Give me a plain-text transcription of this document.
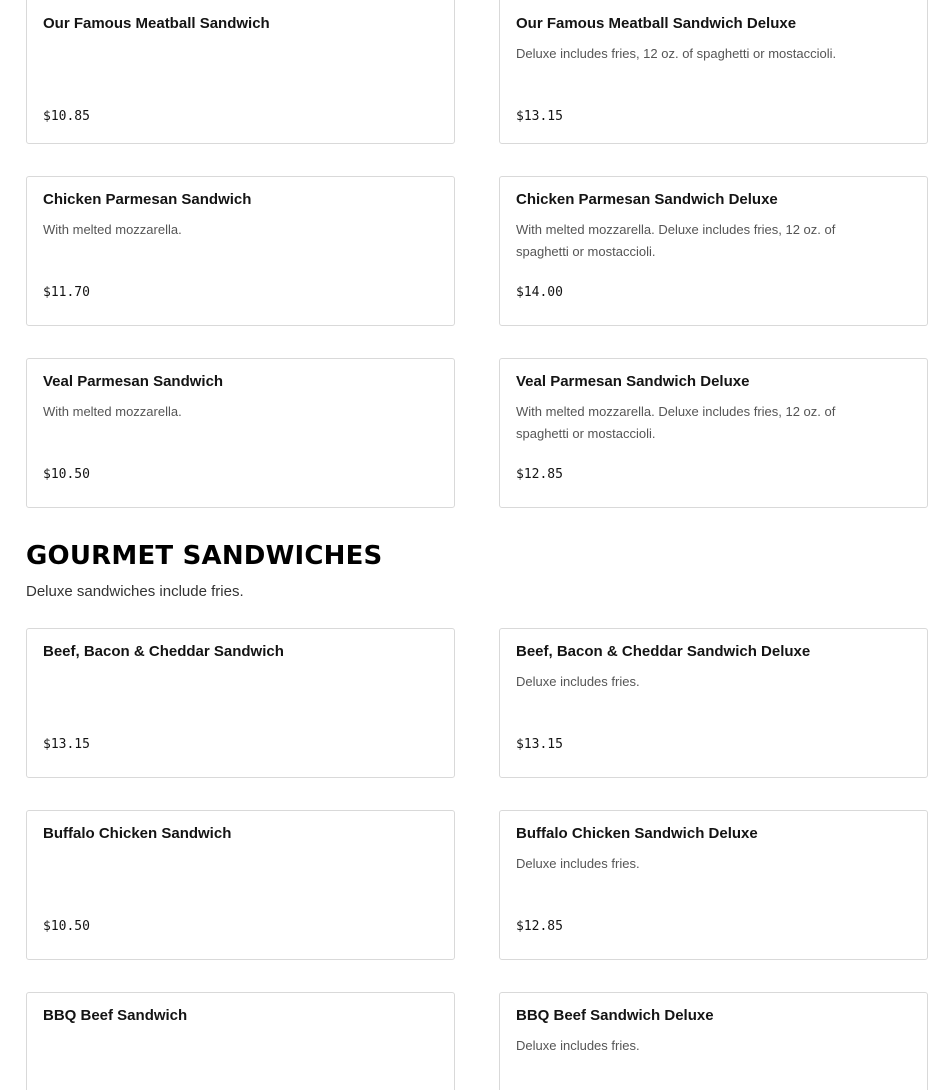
Our Famous Meatball Sandwich
$10.85
Our Famous Meatball Sandwich Deluxe
Deluxe includes fries, 12 oz. of spaghetti or mostaccioli.
$13.15
Chicken Parmesan Sandwich
With melted mozzarella.
$11.70
Chicken Parmesan Sandwich Deluxe
With melted mozzarella. Deluxe includes fries, 12 oz. of spaghetti or mostaccioli.
$14.00
Veal Parmesan Sandwich
With melted mozzarella.
$10.50
Veal Parmesan Sandwich Deluxe
With melted mozzarella. Deluxe includes fries, 12 oz. of spaghetti or mostaccioli.
$12.85
GOURMET SANDWICHES
Deluxe sandwiches include fries.
Beef, Bacon & Cheddar Sandwich
$13.15
Beef, Bacon & Cheddar Sandwich Deluxe
Deluxe includes fries.
$13.15
Buffalo Chicken Sandwich
$10.50
Buffalo Chicken Sandwich Deluxe
Deluxe includes fries.
$12.85
BBQ Beef Sandwich	BBQ Beef Sandwich Deluxe
Deluxe includes fries.
